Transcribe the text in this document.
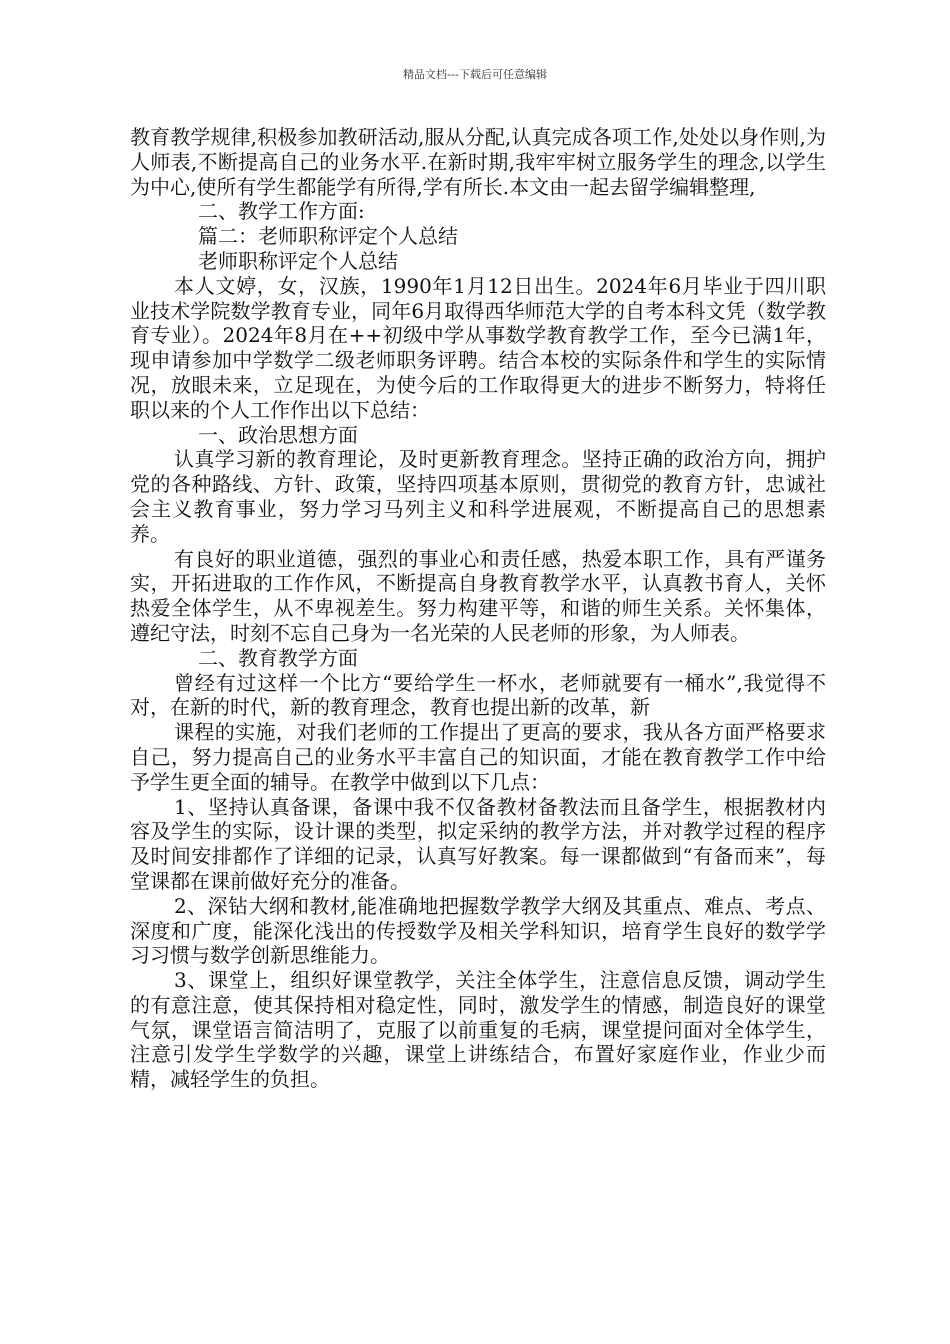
精品文档---下载后可任意编辑

教育教学规律,积极参加教研活动,服从分配,认真完成各项工作,处处以身作则,为人师表,不断提高自己的业务水平.在新时期,我牢牢树立服务学生的理念,以学生为中心,使所有学生都能学有所得,学有所长.本文由一起去留学编辑整理,

二、教学工作方面:

篇二：老师职称评定个人总结

老师职称评定个人总结

本人文婷，女，汉族，1990年1月12日出生。2024年6月毕业于四川职业技术学院数学教育专业，同年6月取得西华师范大学的自考本科文凭（数学教育专业）。2024年8月在++初级中学从事数学教育教学工作，至今已满1年，现申请参加中学数学二级老师职务评聘。结合本校的实际条件和学生的实际情况，放眼未来，立足现在，为使今后的工作取得更大的进步不断努力，特将任职以来的个人工作作出以下总结：

一、政治思想方面

认真学习新的教育理论，及时更新教育理念。坚持正确的政治方向，拥护党的各种路线、方针、政策，坚持四项基本原则，贯彻党的教育方针，忠诚社会主义教育事业，努力学习马列主义和科学进展观，不断提高自己的思想素养。

有良好的职业道德，强烈的事业心和责任感，热爱本职工作，具有严谨务实，开拓进取的工作作风，不断提高自身教育教学水平，认真教书育人，关怀热爱全体学生，从不卑视差生。努力构建平等，和谐的师生关系。关怀集体，遵纪守法，时刻不忘自己身为一名光荣的人民老师的形象，为人师表。

二、教育教学方面

曾经有过这样一个比方“要给学生一杯水，老师就要有一桶水”,我觉得不对，在新的时代，新的教育理念，教育也提出新的改革，新

课程的实施，对我们老师的工作提出了更高的要求，我从各方面严格要求自己，努力提高自己的业务水平丰富自己的知识面，才能在教育教学工作中给予学生更全面的辅导。在教学中做到以下几点：

1、坚持认真备课，备课中我不仅备教材备教法而且备学生，根据教材内容及学生的实际，设计课的类型，拟定采纳的教学方法，并对教学过程的程序及时间安排都作了详细的记录，认真写好教案。每一课都做到“有备而来”，每堂课都在课前做好充分的准备。

2、深钻大纲和教材,能准确地把握数学教学大纲及其重点、难点、考点、深度和广度，能深化浅出的传授数学及相关学科知识，培育学生良好的数学学习习惯与数学创新思维能力。

3、课堂上，组织好课堂教学，关注全体学生，注意信息反馈，调动学生的有意注意，使其保持相对稳定性，同时，激发学生的情感，制造良好的课堂气氛，课堂语言简洁明了，克服了以前重复的毛病，课堂提问面对全体学生，注意引发学生学数学的兴趣，课堂上讲练结合，布置好家庭作业，作业少而精，减轻学生的负担。
